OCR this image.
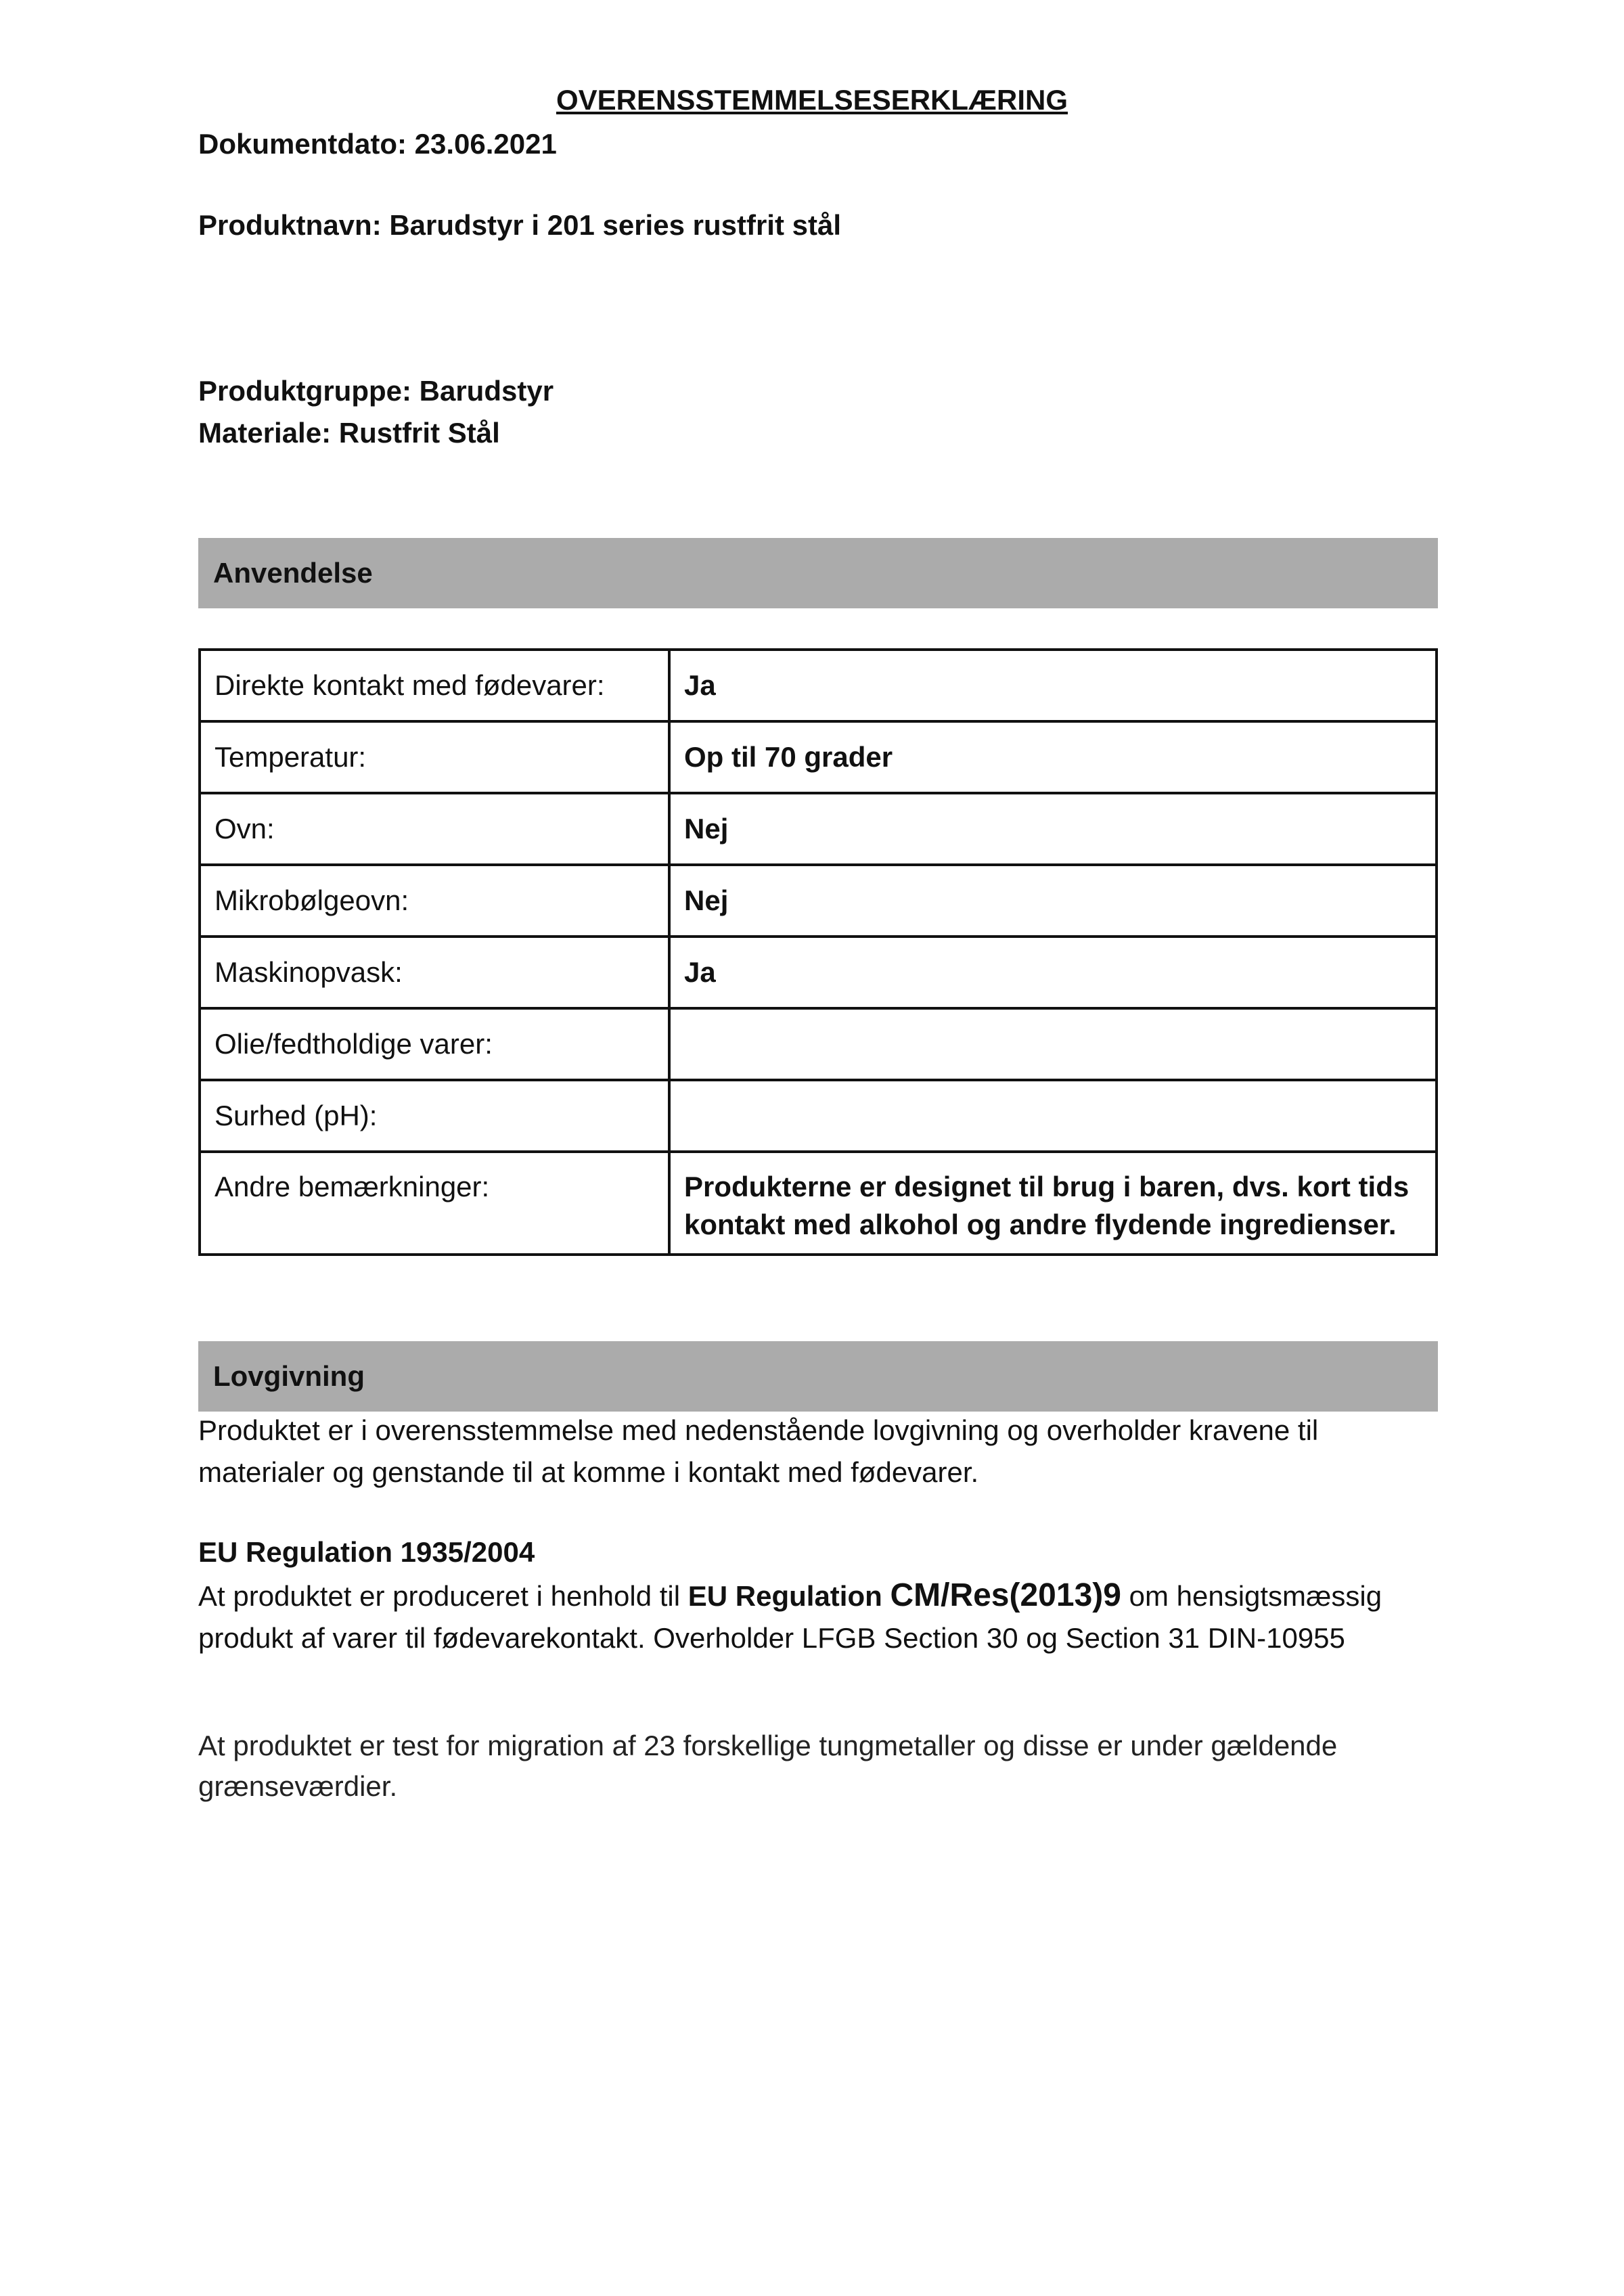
OVERENSSTEMMELSESERKLÆRING
Dokumentdato: 23.06.2021
Produktnavn: Barudstyr i 201 series rustfrit stål
Produktgruppe: Barudstyr
Materiale: Rustfrit Stål
Anvendelse
Direkte kontakt med fødevarer:	Ja
Temperatur:	Op til 70 grader
Ovn:	Nej
Mikrobølgeovn:	Nej
Maskinopvask:	Ja
Olie/fedtholdige varer:	
Surhed (pH):	
Andre bemærkninger:	Produkterne er designet til brug i baren, dvs. kort tids kontakt med alkohol og andre flydende ingredienser.
Lovgivning
Produktet er i overensstemmelse med nedenstående lovgivning og overholder kravene til materialer og genstande til at komme i kontakt med fødevarer.
EU Regulation 1935/2004
At produktet er produceret i henhold til EU Regulation CM/Res(2013)9 om hensigtsmæssig produkt af varer til fødevarekontakt. Overholder LFGB Section 30 og Section 31 DIN-10955
At produktet er test for migration af 23 forskellige tungmetaller og disse er under gældende grænseværdier.
